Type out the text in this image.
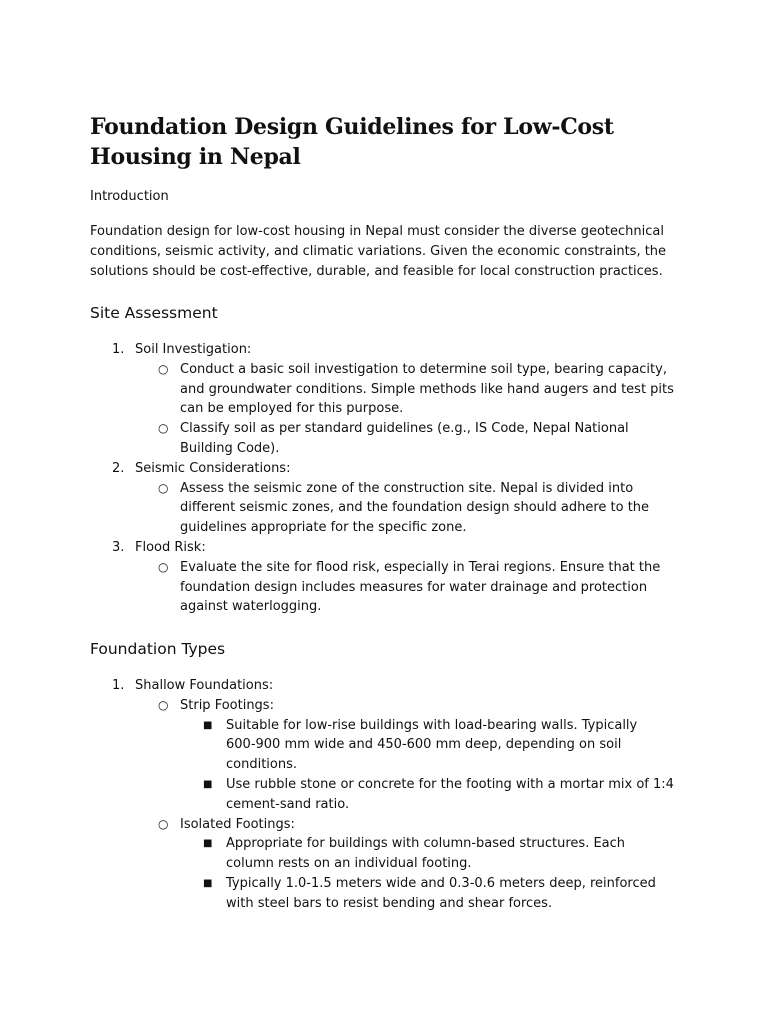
Foundation Design Guidelines for Low-Cost Housing in Nepal
Introduction

Foundation design for low-cost housing in Nepal must consider the diverse geotechnical conditions, seismic activity, and climatic variations. Given the economic constraints, the solutions should be cost-effective, durable, and feasible for local construction practices.

Site Assessment
1. Soil Investigation:
○ Conduct a basic soil investigation to determine soil type, bearing capacity, and groundwater conditions. Simple methods like hand augers and test pits can be employed for this purpose.
○ Classify soil as per standard guidelines (e.g., IS Code, Nepal National Building Code).
2. Seismic Considerations:
○ Assess the seismic zone of the construction site. Nepal is divided into different seismic zones, and the foundation design should adhere to the guidelines appropriate for the specific zone.
3. Flood Risk:
○ Evaluate the site for flood risk, especially in Terai regions. Ensure that the foundation design includes measures for water drainage and protection against waterlogging.
Foundation Types
1. Shallow Foundations:
○ Strip Footings:
■ Suitable for low-rise buildings with load-bearing walls. Typically 600-900 mm wide and 450-600 mm deep, depending on soil conditions.
■ Use rubble stone or concrete for the footing with a mortar mix of 1:4 cement-sand ratio.
○ Isolated Footings:
■ Appropriate for buildings with column-based structures. Each column rests on an individual footing.
■ Typically 1.0-1.5 meters wide and 0.3-0.6 meters deep, reinforced with steel bars to resist bending and shear forces.
